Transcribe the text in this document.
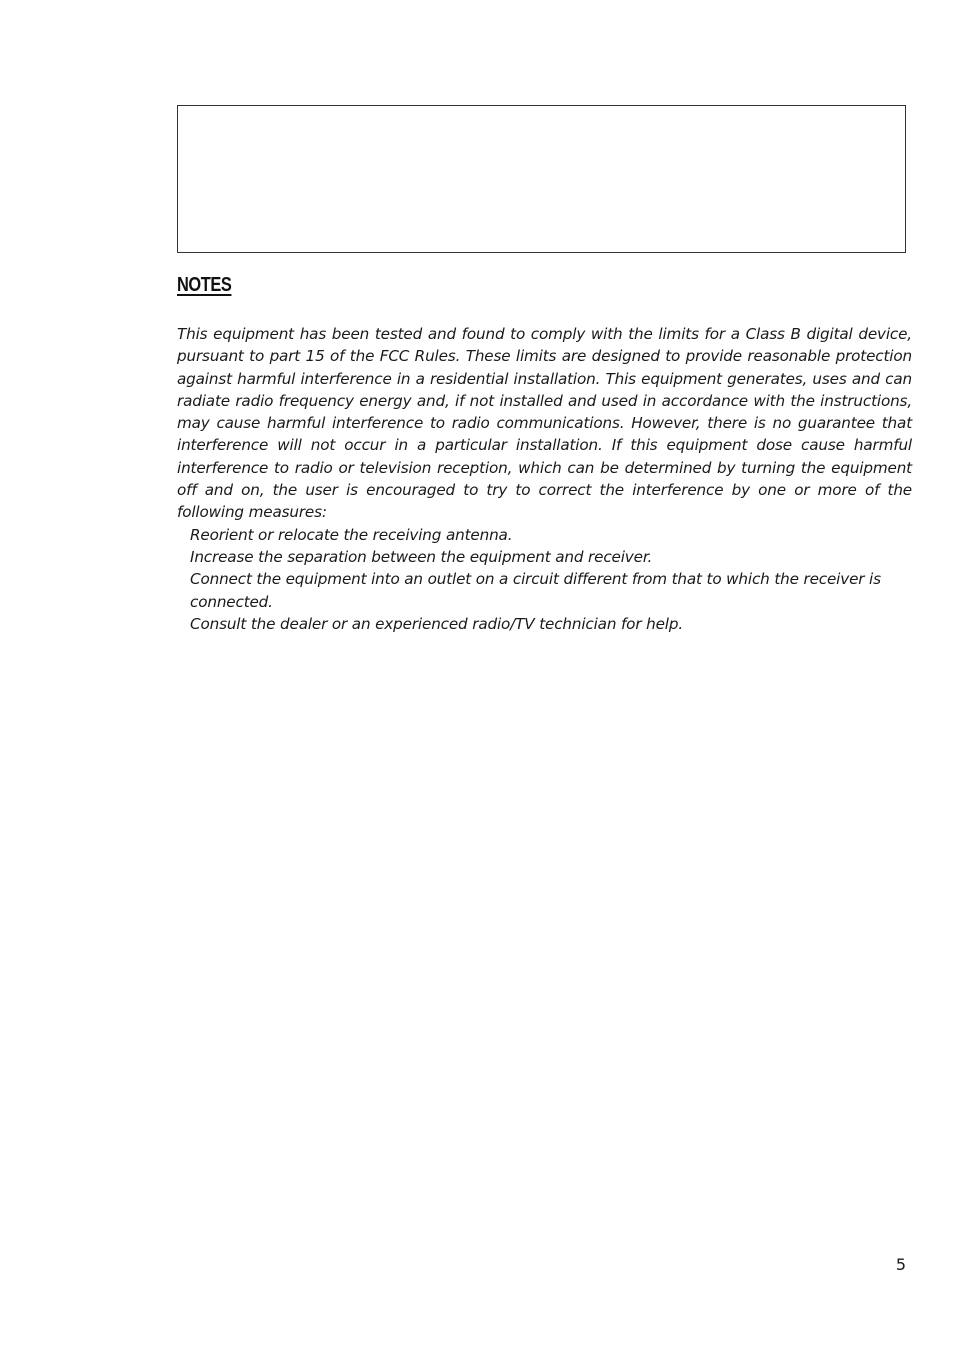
NOTES

This equipment has been tested and found to comply with the limits for a Class B digital device, pursuant to part 15 of the FCC Rules. These limits are designed to provide reasonable protection against harmful interference in a residential installation. This equipment generates, uses and can radiate radio frequency energy and, if not installed and used in accordance with the instructions, may cause harmful interference to radio communications. However, there is no guarantee that interference will not occur in a particular installation. If this equipment dose cause harmful interference to radio or television reception, which can be determined by turning the equipment off and on, the user is encouraged to try to correct the interference by one or more of the following measures:

Reorient or relocate the receiving antenna.
Increase the separation between the equipment and receiver.
Connect the equipment into an outlet on a circuit different from that to which the receiver is connected.
Consult the dealer or an experienced radio/TV technician for help.
5
